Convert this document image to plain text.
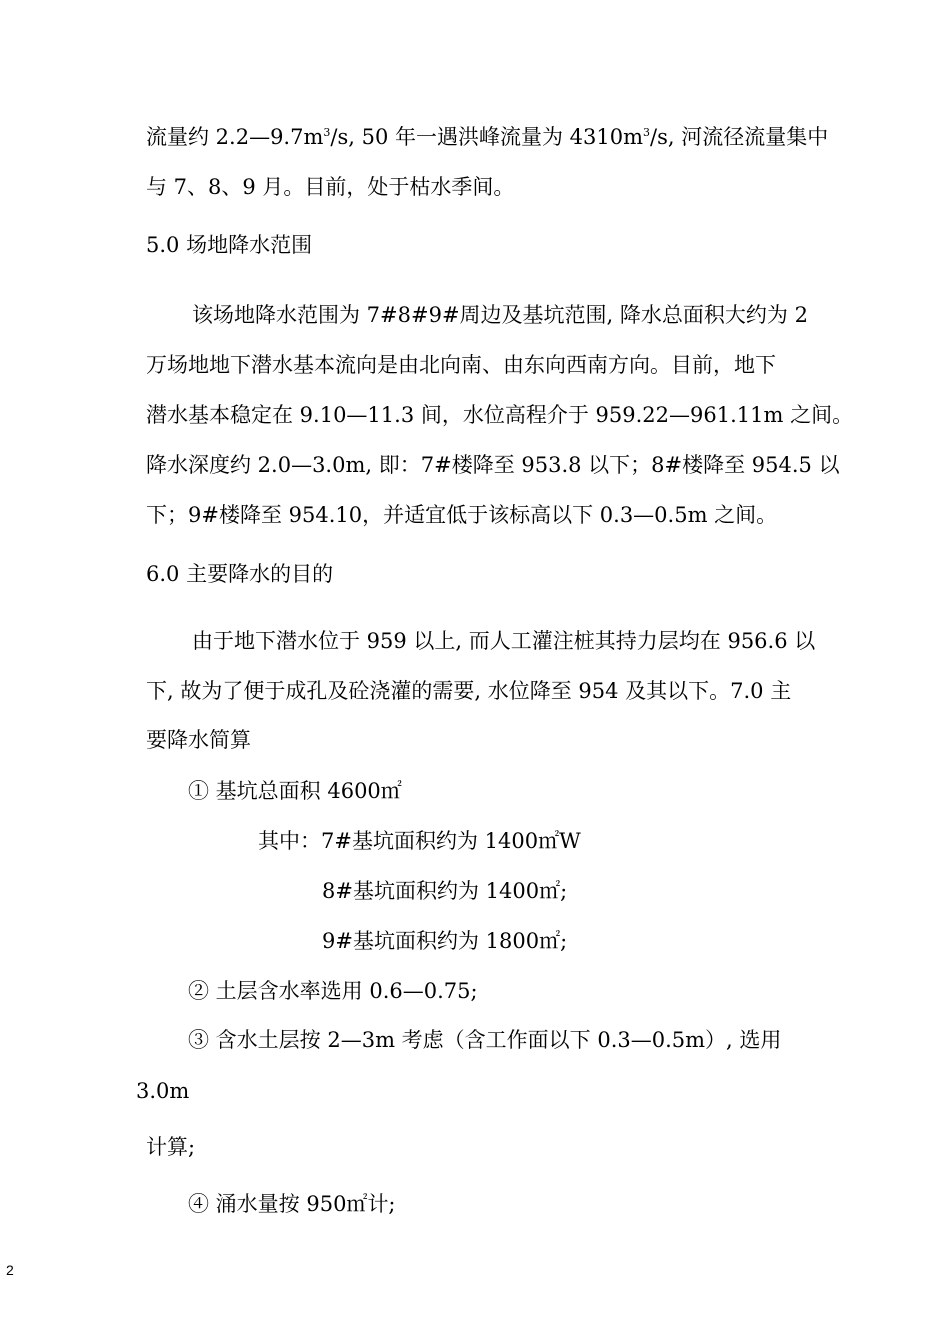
流量约 $2.2—9.7m^3/s$, 50 年一遇洪峰流量为 $4310m^3/s$, 河流径流量集中

与 7、8、9 月。目前，处于枯水季间。

5.0 场地降水范围

该场地降水范围为 7#8#9#周边及基坑范围, 降水总面积大约为 2

万场地地下潜水基本流向是由北向南、由东向西南方向。目前，地下

潜水基本稳定在 9.10—11.3 间，水位高程介于 959.22—961.11m 之间。

降水深度约 2.0—3.0m, 即：7#楼降至 953.8 以下；8#楼降至 954.5 以

下；9#楼降至 954.10，并适宜低于该标高以下 0.3—0.5m 之间。

6.0 主要降水的目的

由于地下潜水位于 959 以上, 而人工灌注桩其持力层均在 956.6 以

下, 故为了便于成孔及砼浇灌的需要, 水位降至 954 及其以下。7.0 主

要降水简算

① 基坑总面积 4600㎡

其中：7#基坑面积约为 1400㎡W

8#基坑面积约为 1400㎡;

9#基坑面积约为 1800㎡;

② 土层含水率选用 0.6—0.75;

③ 含水土层按 2—3m 考虑（含工作面以下 0.3—0.5m）, 选用

3.0m

计算;

④ 涌水量按 950㎡计;

2
